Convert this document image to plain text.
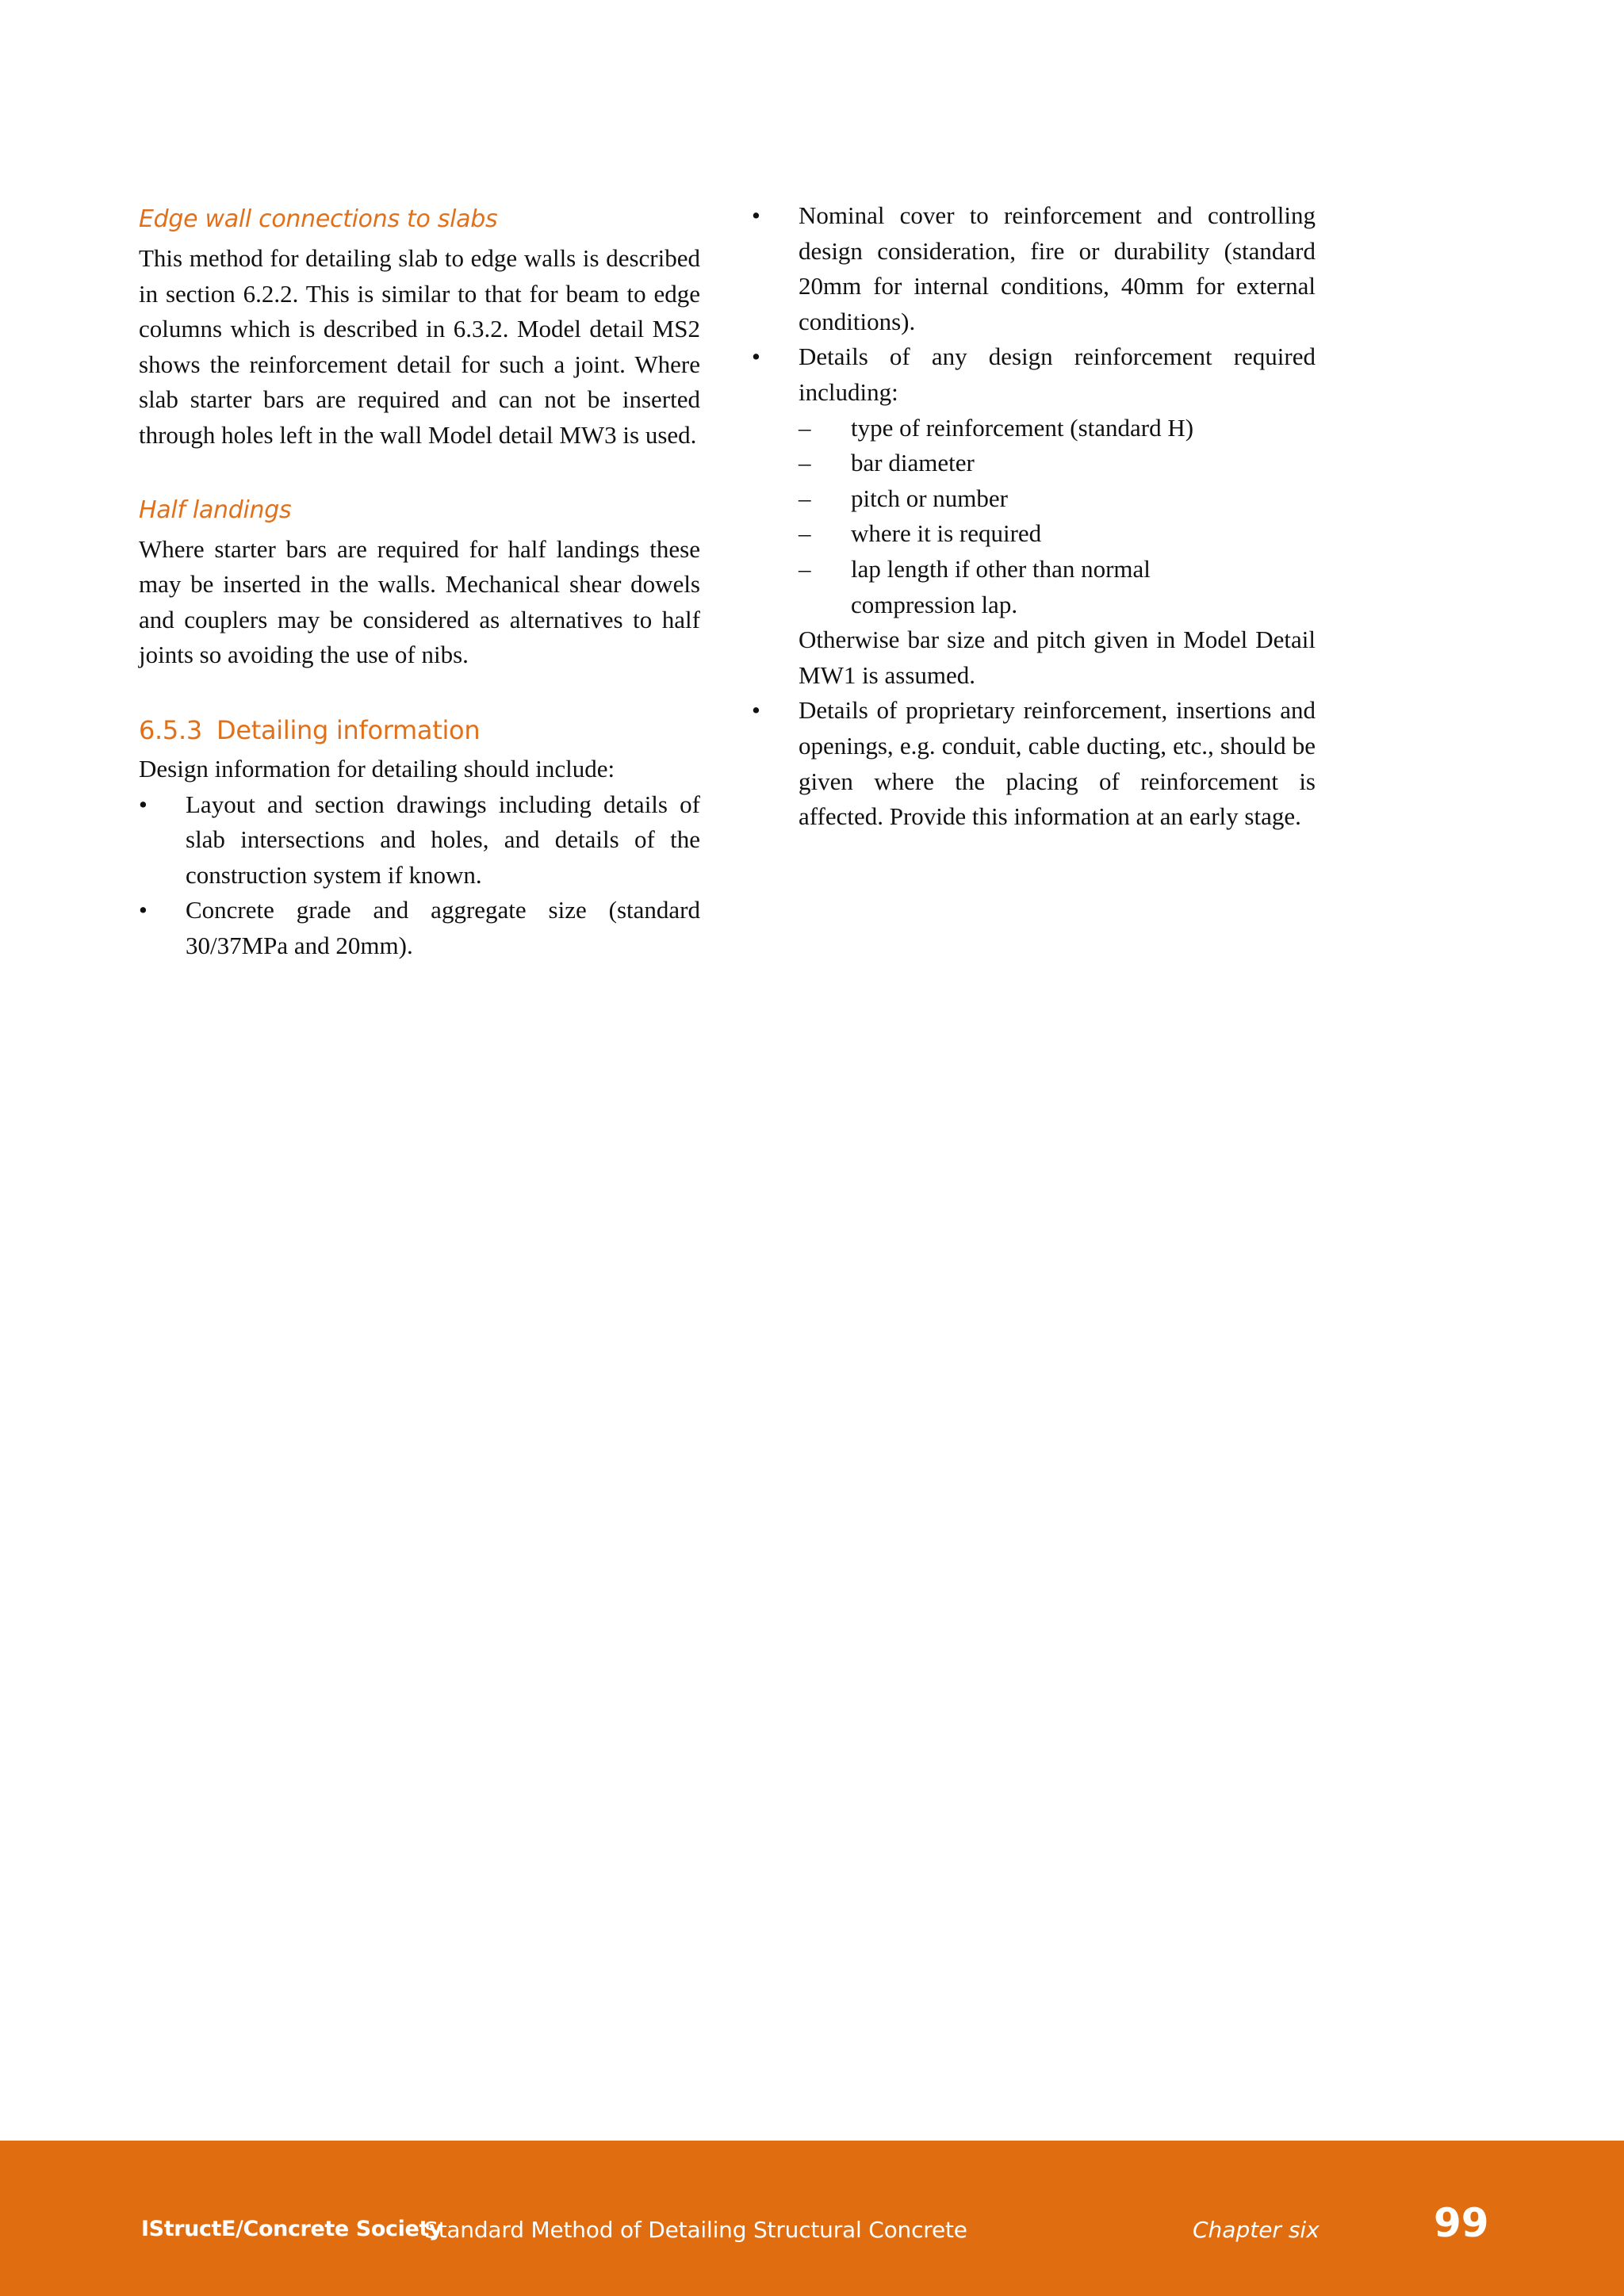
Edge wall connections to slabs

This method for detailing slab to edge walls is described in section 6.2.2. This is similar to that for beam to edge columns which is described in 6.3.2. Model detail MS2 shows the reinforcement detail for such a joint. Where slab starter bars are required and can not be inserted through holes left in the wall Model detail MW3 is used.

Half landings

Where starter bars are required for half landings these may be inserted in the walls. Mechanical shear dowels and couplers may be considered as alternatives to half joints so avoiding the use of nibs.

6.5.3 Detailing information

Design information for detailing should include:

• Layout and section drawings including details of slab intersections and holes, and details of the construction system if known.
• Concrete grade and aggregate size (standard 30/37MPa and 20mm).
• Nominal cover to reinforcement and controlling design consideration, fire or durability (standard 20mm for internal conditions, 40mm for external conditions).
• Details of any design reinforcement required including:
– type of reinforcement (standard H)
– bar diameter
– pitch or number
– where it is required
– lap length if other than normal compression lap.
Otherwise bar size and pitch given in Model Detail MW1 is assumed.
• Details of proprietary reinforcement, insertions and openings, e.g. conduit, cable ducting, etc., should be given where the placing of reinforcement is affected. Provide this information at an early stage.
IStructE/Concrete Society
Standard Method of Detailing Structural Concrete	Chapter six	99
